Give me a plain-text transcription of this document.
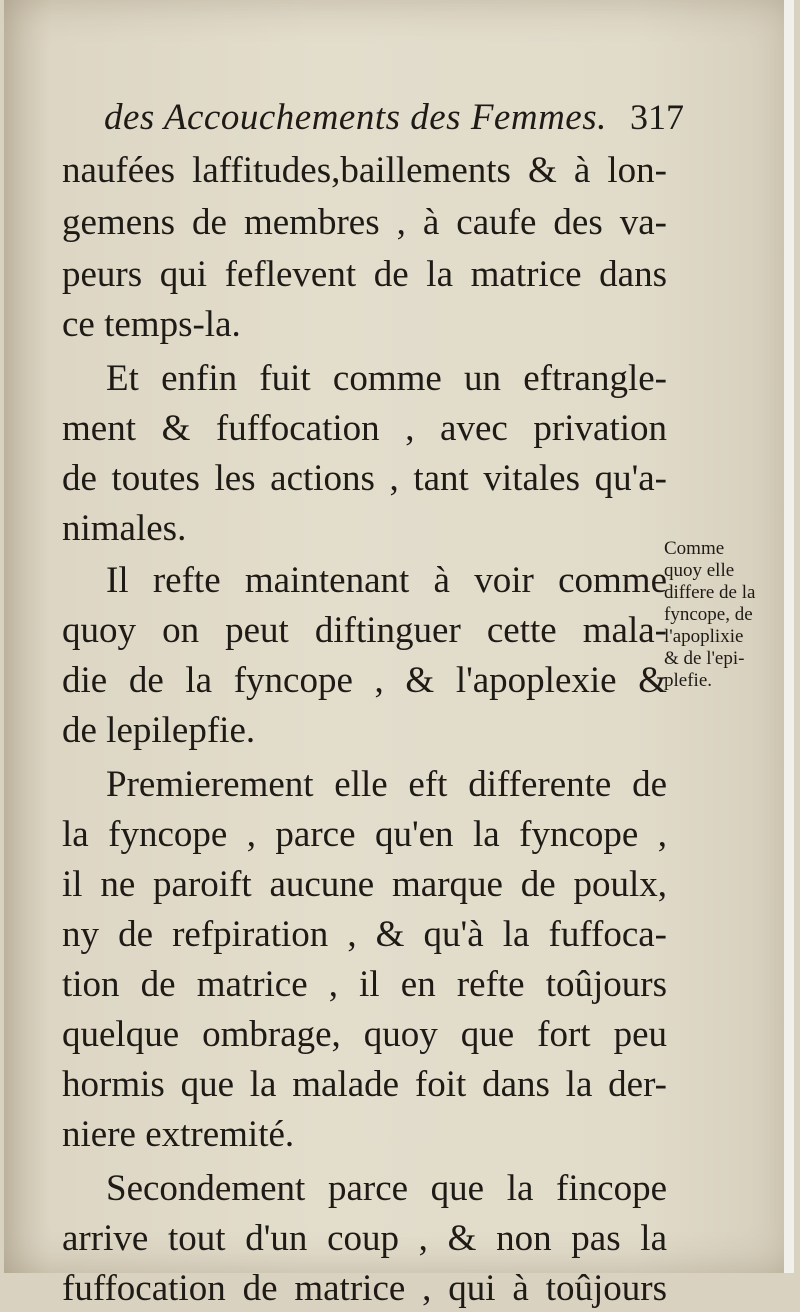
des Accouchements des Femmes. 317
naufées laffitudes,baillements & à lon-
gemens de membres , à caufe des va-
peurs qui feflevent de la matrice dans
ce temps-la.
Et enfin fuit comme un eftrangle-
ment & fuffocation , avec privation
de toutes les actions , tant vitales qu'a-
nimales.
Il refte maintenant à voir comme
quoy on peut diftinguer cette mala-
die de la fyncope , & l'apoplexie &
de lepilepfie.
Premierement elle eft differente de
la fyncope , parce qu'en la fyncope ,
il ne paroift aucune marque de poulx,
ny de refpiration , & qu'à la fuffoca-
tion de matrice , il en refte toûjours
quelque ombrage, quoy que fort peu
hormis que la malade foit dans la der-
niere extremité.
Secondement parce que la fincope
arrive tout d'un coup , & non pas la
fuffocation de matrice , qui à toûjours
Comme
quoy elle
differe de la
fyncope, de
l'apoplixie
& de l'epi-
plefie.
